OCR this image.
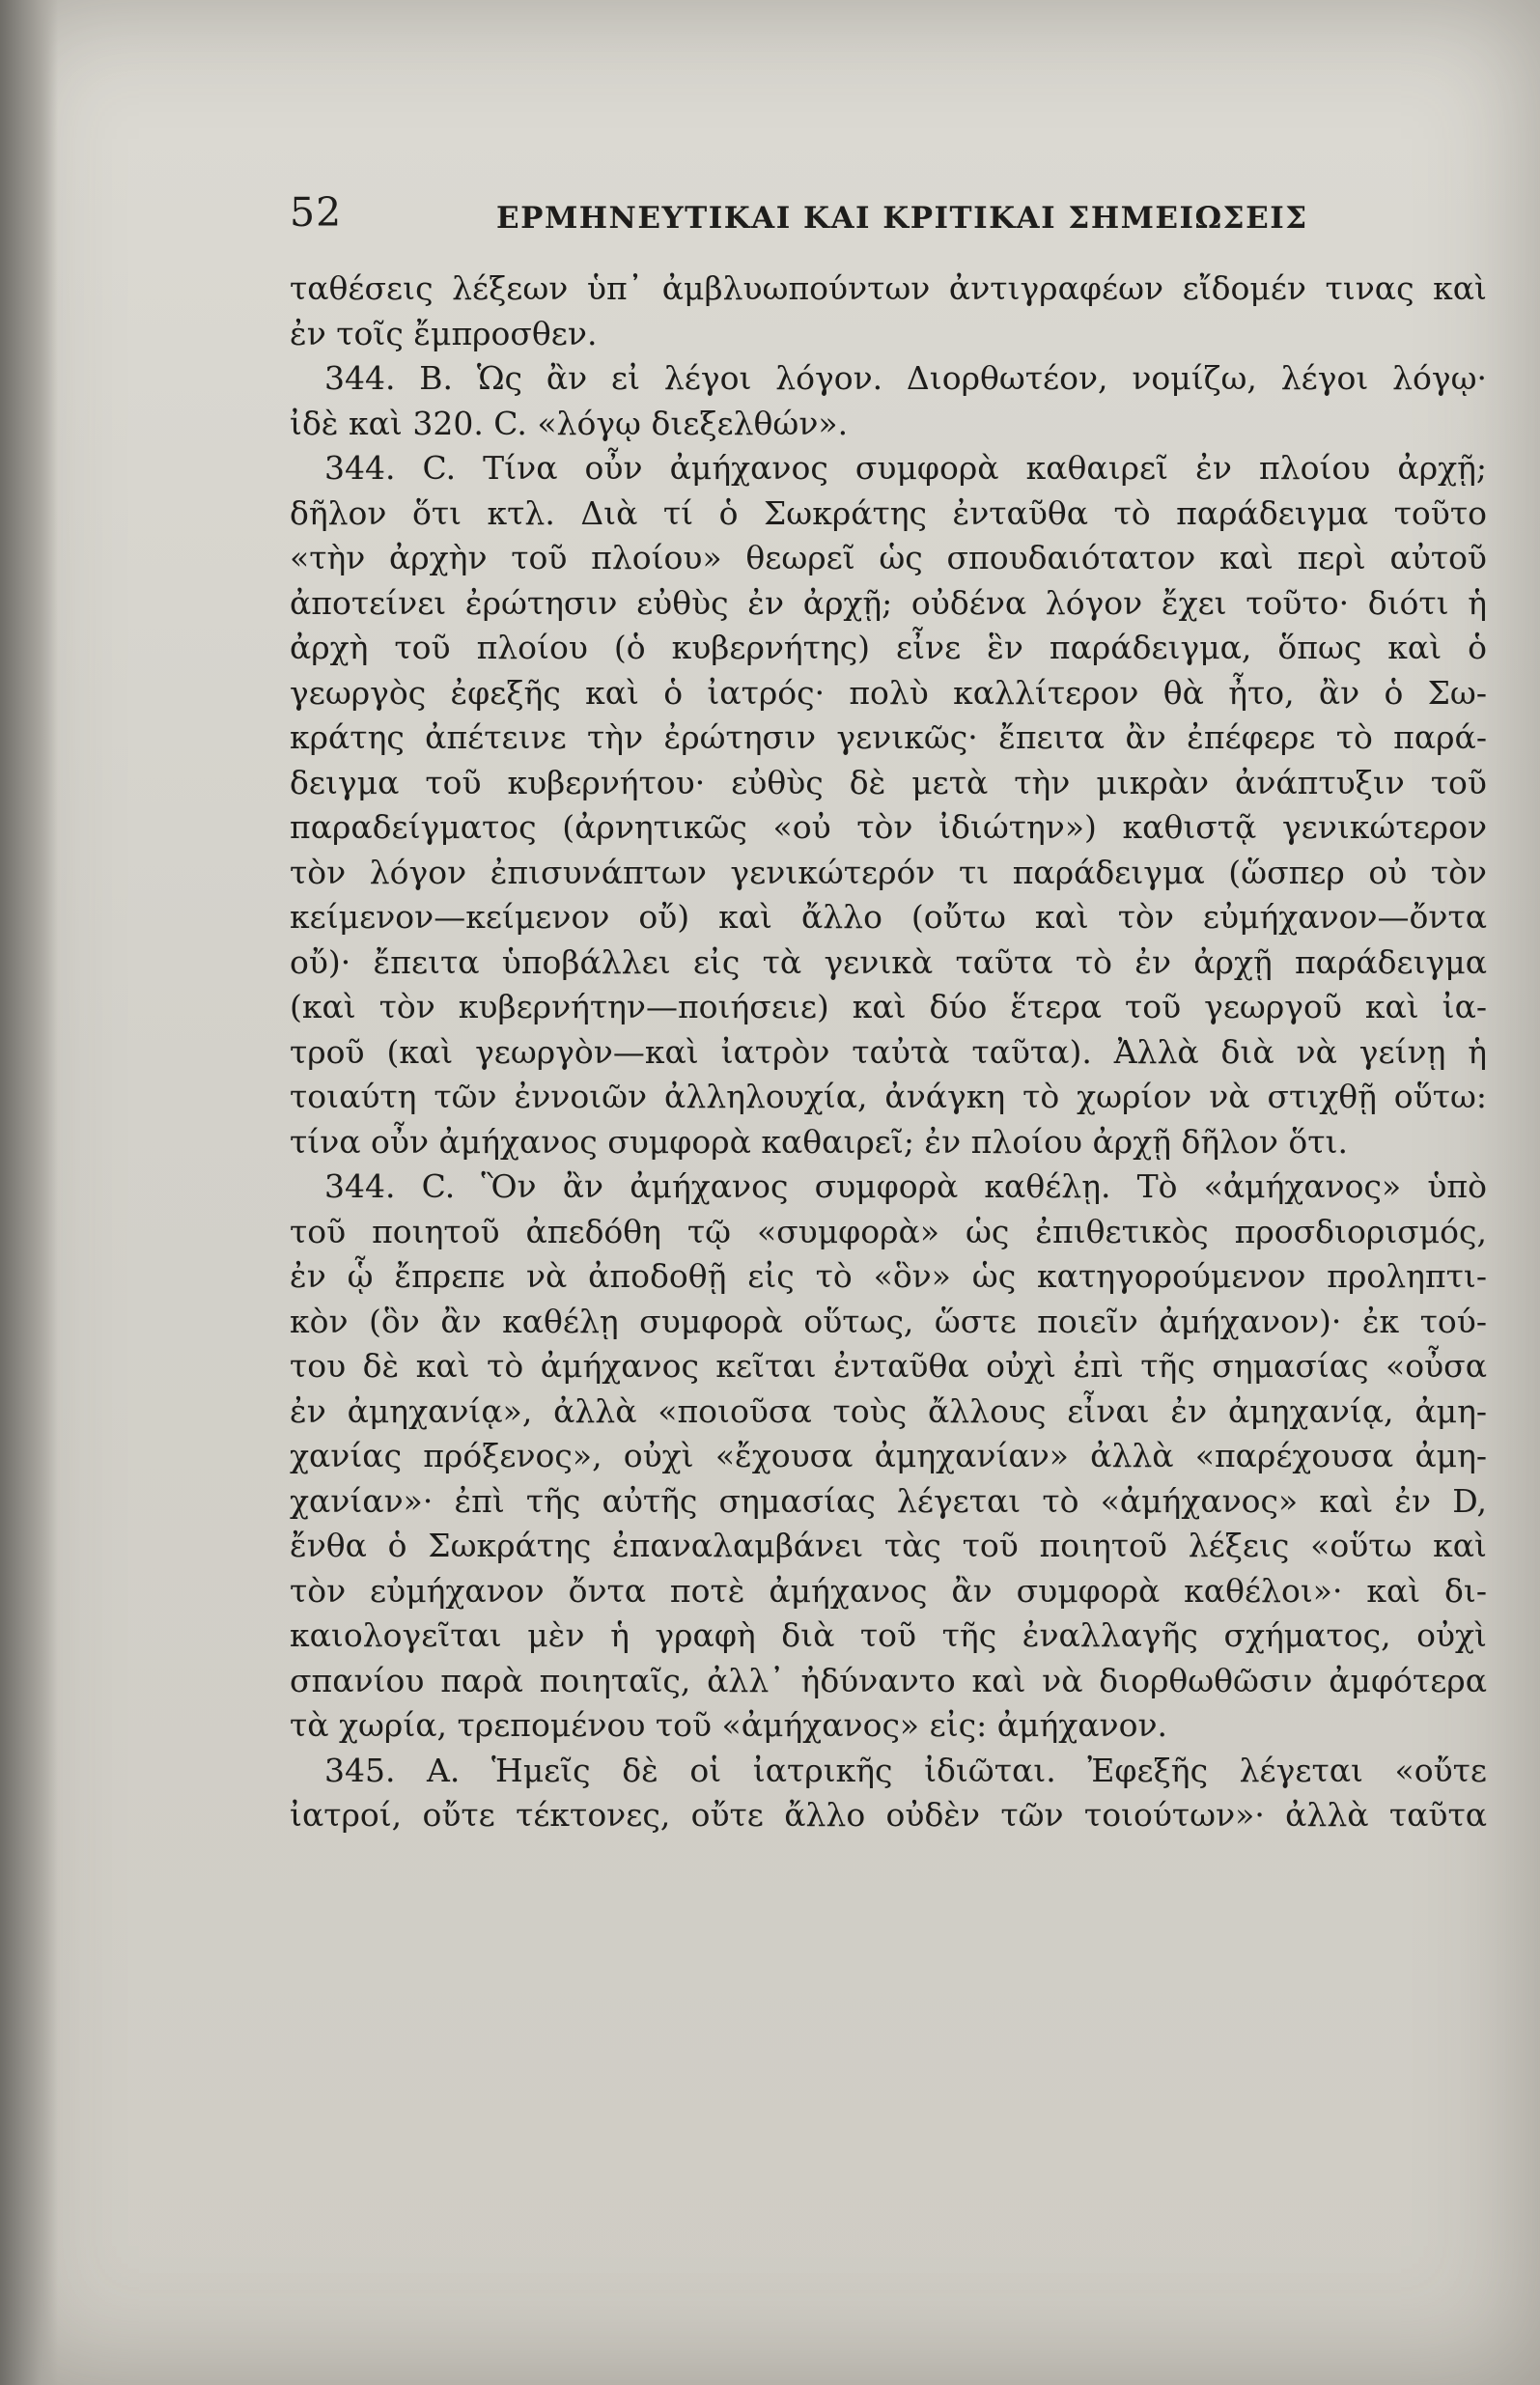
52	ΕΡΜΗΝΕΥΤΙΚΑΙ ΚΑΙ ΚΡΙΤΙΚΑΙ ΣΗΜΕΙΩΣΕΙΣ
ταθέσεις λέξεων ὑπ᾽ ἀμβλυωπούντων ἀντιγραφέων εἴδομέν τινας καὶ
ἐν τοῖς ἔμπροσθεν.
344. B. Ὡς ἂν εἰ λέγοι λόγον. Διορθωτέον, νομίζω, λέγοι λόγῳ·
ἰδὲ καὶ 320. C. «λόγῳ διεξελθών».
344. C. Τίνα οὖν ἀμήχανος συμφορὰ καθαιρεῖ ἐν πλοίου ἀρχῇ;
δῆλον ὅτι κτλ. Διὰ τί ὁ Σωκράτης ἐνταῦθα τὸ παράδειγμα τοῦτο
«τὴν ἀρχὴν τοῦ πλοίου» θεωρεῖ ὡς σπουδαιότατον καὶ περὶ αὐτοῦ
ἀποτείνει ἐρώτησιν εὐθὺς ἐν ἀρχῇ; οὐδένα λόγον ἔχει τοῦτο· διότι ἡ
ἀρχὴ τοῦ πλοίου (ὁ κυβερνήτης) εἶνε ἓν παράδειγμα, ὅπως καὶ ὁ
γεωργὸς ἐφεξῆς καὶ ὁ ἰατρός· πολὺ καλλίτερον θὰ ἦτο, ἂν ὁ Σω-
κράτης ἀπέτεινε τὴν ἐρώτησιν γενικῶς· ἔπειτα ἂν ἐπέφερε τὸ παρά-
δειγμα τοῦ κυβερνήτου· εὐθὺς δὲ μετὰ τὴν μικρὰν ἀνάπτυξιν τοῦ
παραδείγματος (ἀρνητικῶς «οὐ τὸν ἰδιώτην») καθιστᾷ γενικώτερον
τὸν λόγον ἐπισυνάπτων γενικώτερόν τι παράδειγμα (ὥσπερ οὐ τὸν
κείμενον—κείμενον οὔ) καὶ ἄλλο (οὔτω καὶ τὸν εὐμήχανον—ὄντα
οὔ)· ἔπειτα ὑποβάλλει εἰς τὰ γενικὰ ταῦτα τὸ ἐν ἀρχῇ παράδειγμα
(καὶ τὸν κυβερνήτην—ποιήσειε) καὶ δύο ἕτερα τοῦ γεωργοῦ καὶ ἰα-
τροῦ (καὶ γεωργὸν—καὶ ἰατρὸν ταὐτὰ ταῦτα). Ἀλλὰ διὰ νὰ γείνῃ ἡ
τοιαύτη τῶν ἐννοιῶν ἀλληλουχία, ἀνάγκη τὸ χωρίον νὰ στιχθῇ οὕτω:
τίνα οὖν ἀμήχανος συμφορὰ καθαιρεῖ; ἐν πλοίου ἀρχῇ δῆλον ὅτι.
344. C. Ὃν ἂν ἀμήχανος συμφορὰ καθέλῃ. Τὸ «ἀμήχανος» ὑπὸ
τοῦ ποιητοῦ ἀπεδόθη τῷ «συμφορὰ» ὡς ἐπιθετικὸς προσδιορισμός,
ἐν ᾧ ἔπρεπε νὰ ἀποδοθῇ εἰς τὸ «ὃν» ὡς κατηγορούμενον προληπτι-
κὸν (ὃν ἂν καθέλῃ συμφορὰ οὕτως, ὥστε ποιεῖν ἀμήχανον)· ἐκ τού-
του δὲ καὶ τὸ ἀμήχανος κεῖται ἐνταῦθα οὐχὶ ἐπὶ τῆς σημασίας «οὖσα
ἐν ἀμηχανίᾳ», ἀλλὰ «ποιοῦσα τοὺς ἄλλους εἶναι ἐν ἀμηχανίᾳ, ἀμη-
χανίας πρόξενος», οὐχὶ «ἔχουσα ἀμηχανίαν» ἀλλὰ «παρέχουσα ἀμη-
χανίαν»· ἐπὶ τῆς αὐτῆς σημασίας λέγεται τὸ «ἀμήχανος» καὶ ἐν D,
ἔνθα ὁ Σωκράτης ἐπαναλαμβάνει τὰς τοῦ ποιητοῦ λέξεις «οὕτω καὶ
τὸν εὐμήχανον ὄντα ποτὲ ἀμήχανος ἂν συμφορὰ καθέλοι»· καὶ δι-
καιολογεῖται μὲν ἡ γραφὴ διὰ τοῦ τῆς ἐναλλαγῆς σχήματος, οὐχὶ
σπανίου παρὰ ποιηταῖς, ἀλλ᾽ ἠδύναντο καὶ νὰ διορθωθῶσιν ἀμφότερα
τὰ χωρία, τρεπομένου τοῦ «ἀμήχανος» εἰς: ἀμήχανον.
345. A. Ἡμεῖς δὲ οἱ ἰατρικῆς ἰδιῶται. Ἐφεξῆς λέγεται «οὔτε
ἰατροί, οὔτε τέκτονες, οὔτε ἄλλο οὐδὲν τῶν τοιούτων»· ἀλλὰ ταῦτα
